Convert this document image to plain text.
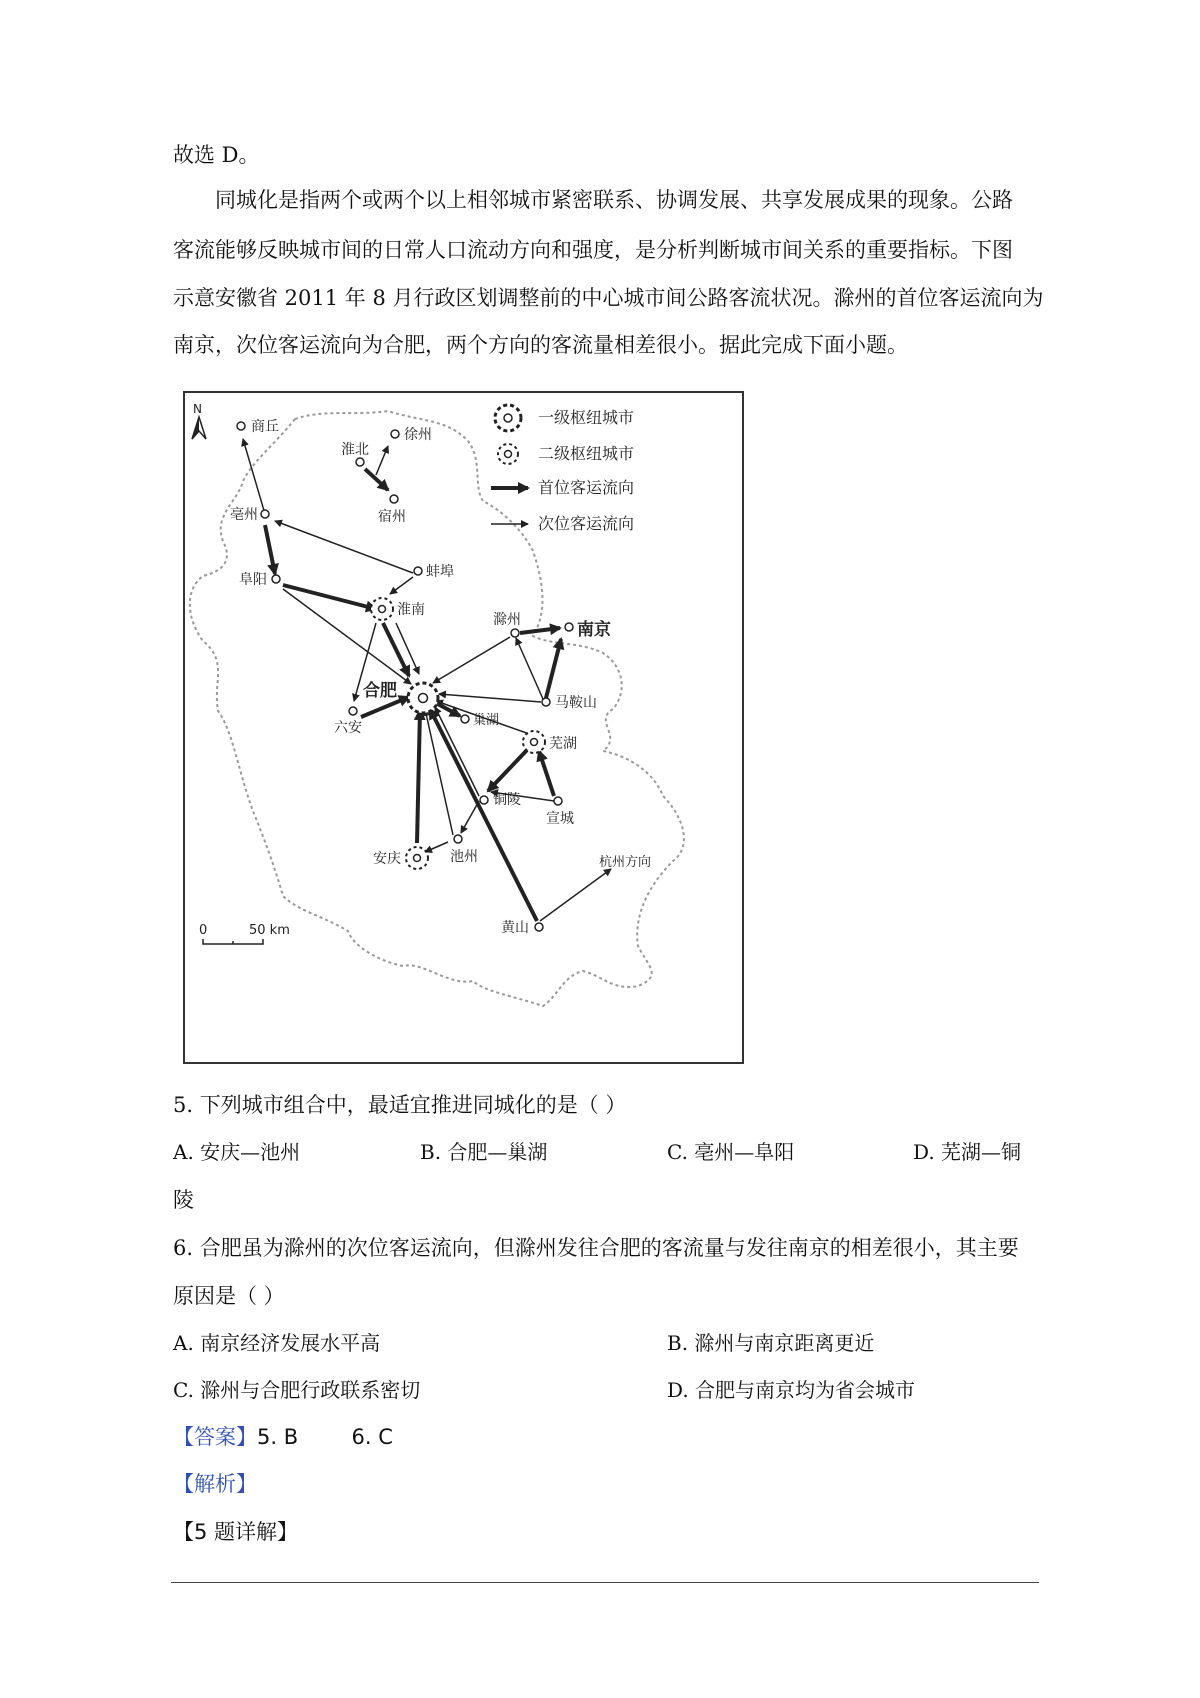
故选 D。
同城化是指两个或两个以上相邻城市紧密联系、协调发展、共享发展成果的现象。公路
客流能够反映城市间的日常人口流动方向和强度，是分析判断城市间关系的重要指标。下图
示意安徽省 2011 年 8 月行政区划调整前的中心城市间公路客流状况。滁州的首位客运流向为
南京，次位客运流向为合肥，两个方向的客流量相差很小。据此完成下面小题。
N	一级枢纽城市
二级枢纽城市
首位客运流向
次位客运流向
商丘	徐州
淮北
宿州
亳州
阜阳	蚌埠
淮南
滁州	南京
合肥
马鞍山
巢湖
六安
芜湖
铜陵
宣城
安庆	池州
黄山
杭州方向
0	50 km
5. 下列城市组合中，最适宜推进同城化的是（ ）
A. 安庆—池州	B. 合肥—巢湖	C. 亳州—阜阳	D. 芜湖—铜
陵
6. 合肥虽为滁州的次位客运流向，但滁州发往合肥的客流量与发往南京的相差很小，其主要
原因是（ ）
A. 南京经济发展水平高	B. 滁州与南京距离更近
C. 滁州与合肥行政联系密切	D. 合肥与南京均为省会城市
【答案】5. B        6. C
【解析】
【5 题详解】
